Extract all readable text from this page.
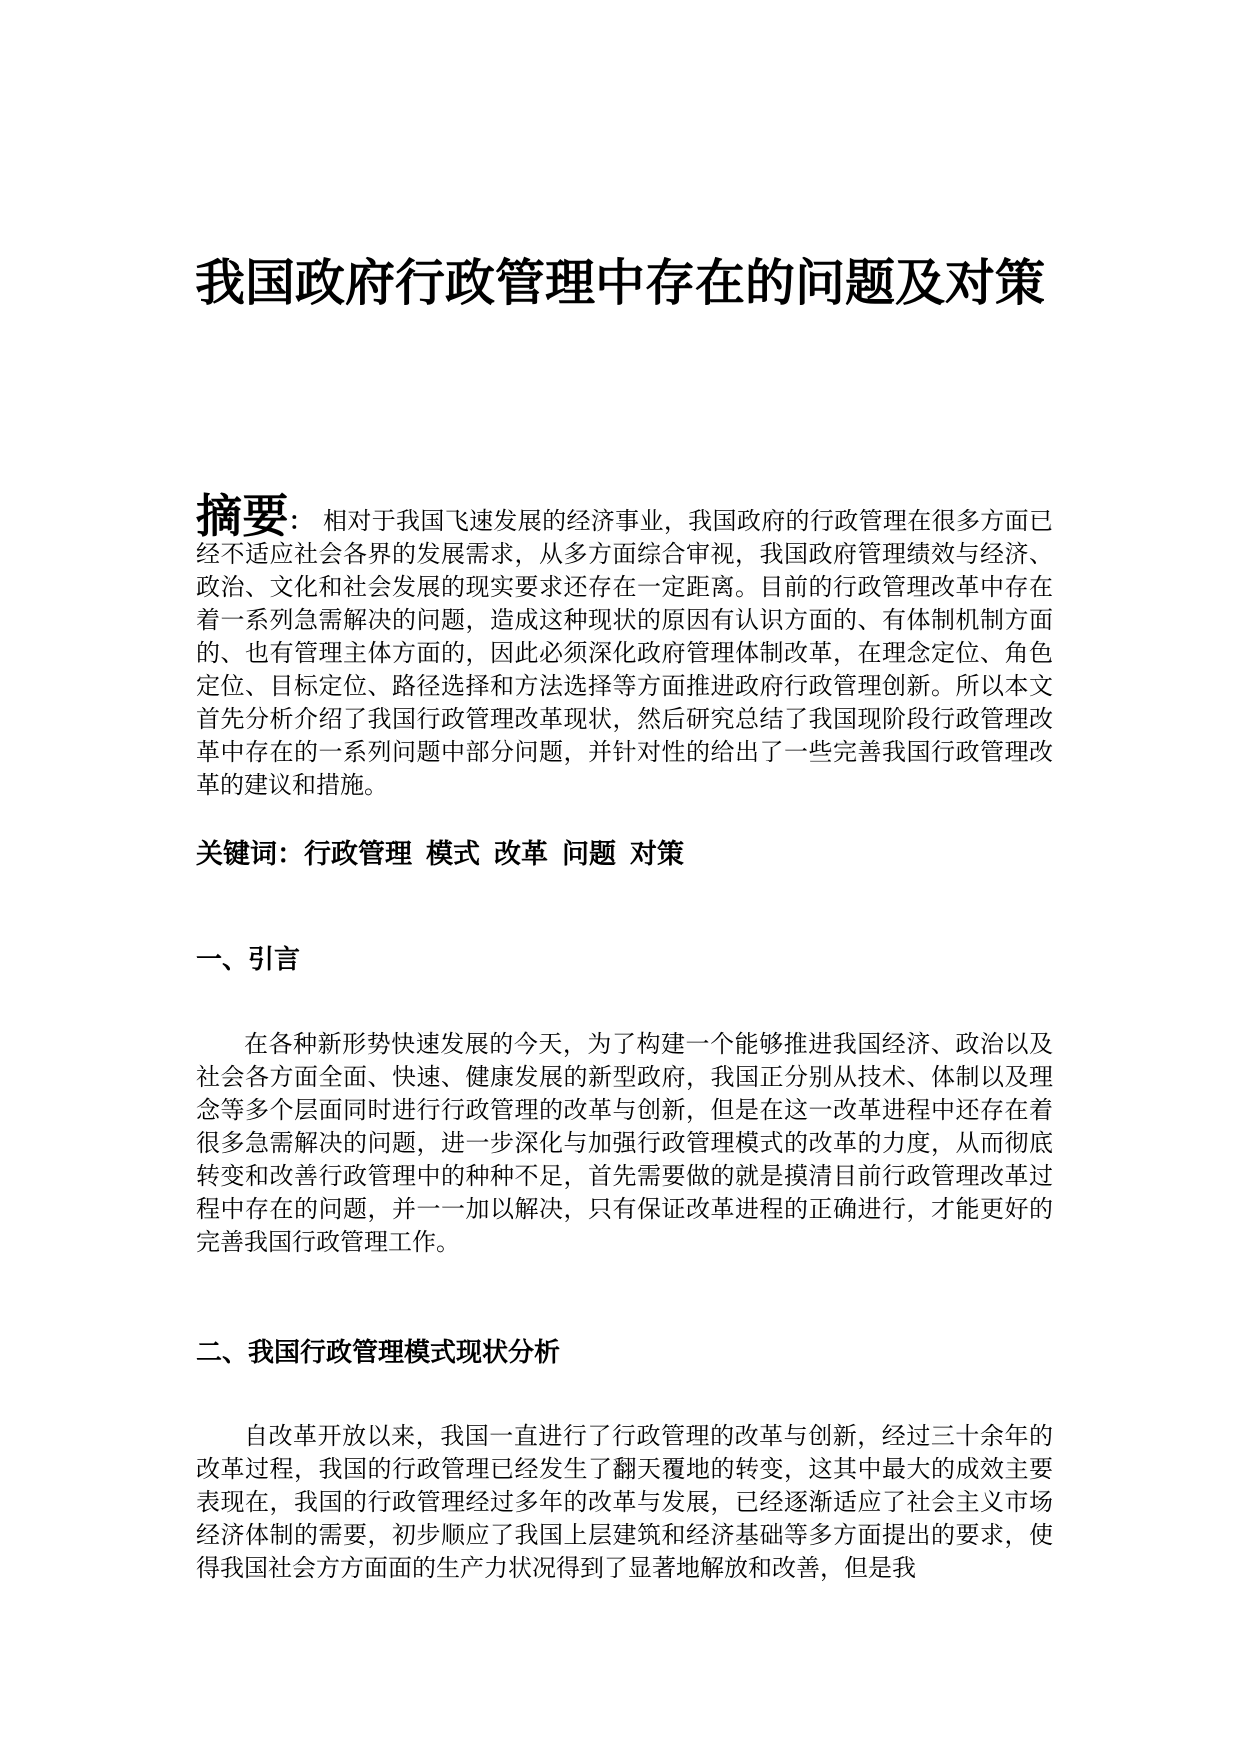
我国政府行政管理中存在的问题及对策

摘要： 相对于我国飞速发展的经济事业，我国政府的行政管理在很多方面已经不适应社会各界的发展需求，从多方面综合审视，我国政府管理绩效与经济、政治、文化和社会发展的现实要求还存在一定距离。目前的行政管理改革中存在着一系列急需解决的问题，造成这种现状的原因有认识方面的、有体制机制方面的、也有管理主体方面的，因此必须深化政府管理体制改革，在理念定位、角色定位、目标定位、路径选择和方法选择等方面推进政府行政管理创新。所以本文首先分析介绍了我国行政管理改革现状，然后研究总结了我国现阶段行政管理改革中存在的一系列问题中部分问题，并针对性的给出了一些完善我国行政管理改革的建议和措施。

关键词：行政管理 模式 改革 问题 对策

一、引言

在各种新形势快速发展的今天，为了构建一个能够推进我国经济、政治以及社会各方面全面、快速、健康发展的新型政府，我国正分别从技术、体制以及理念等多个层面同时进行行政管理的改革与创新，但是在这一改革进程中还存在着很多急需解决的问题，进一步深化与加强行政管理模式的改革的力度，从而彻底转变和改善行政管理中的种种不足，首先需要做的就是摸清目前行政管理改革过程中存在的问题，并一一加以解决，只有保证改革进程的正确进行，才能更好的完善我国行政管理工作。

二、我国行政管理模式现状分析

自改革开放以来，我国一直进行了行政管理的改革与创新，经过三十余年的改革过程，我国的行政管理已经发生了翻天覆地的转变，这其中最大的成效主要表现在，我国的行政管理经过多年的改革与发展，已经逐渐适应了社会主义市场经济体制的需要，初步顺应了我国上层建筑和经济基础等多方面提出的要求，使得我国社会方方面面的生产力状况得到了显著地解放和改善，但是我
